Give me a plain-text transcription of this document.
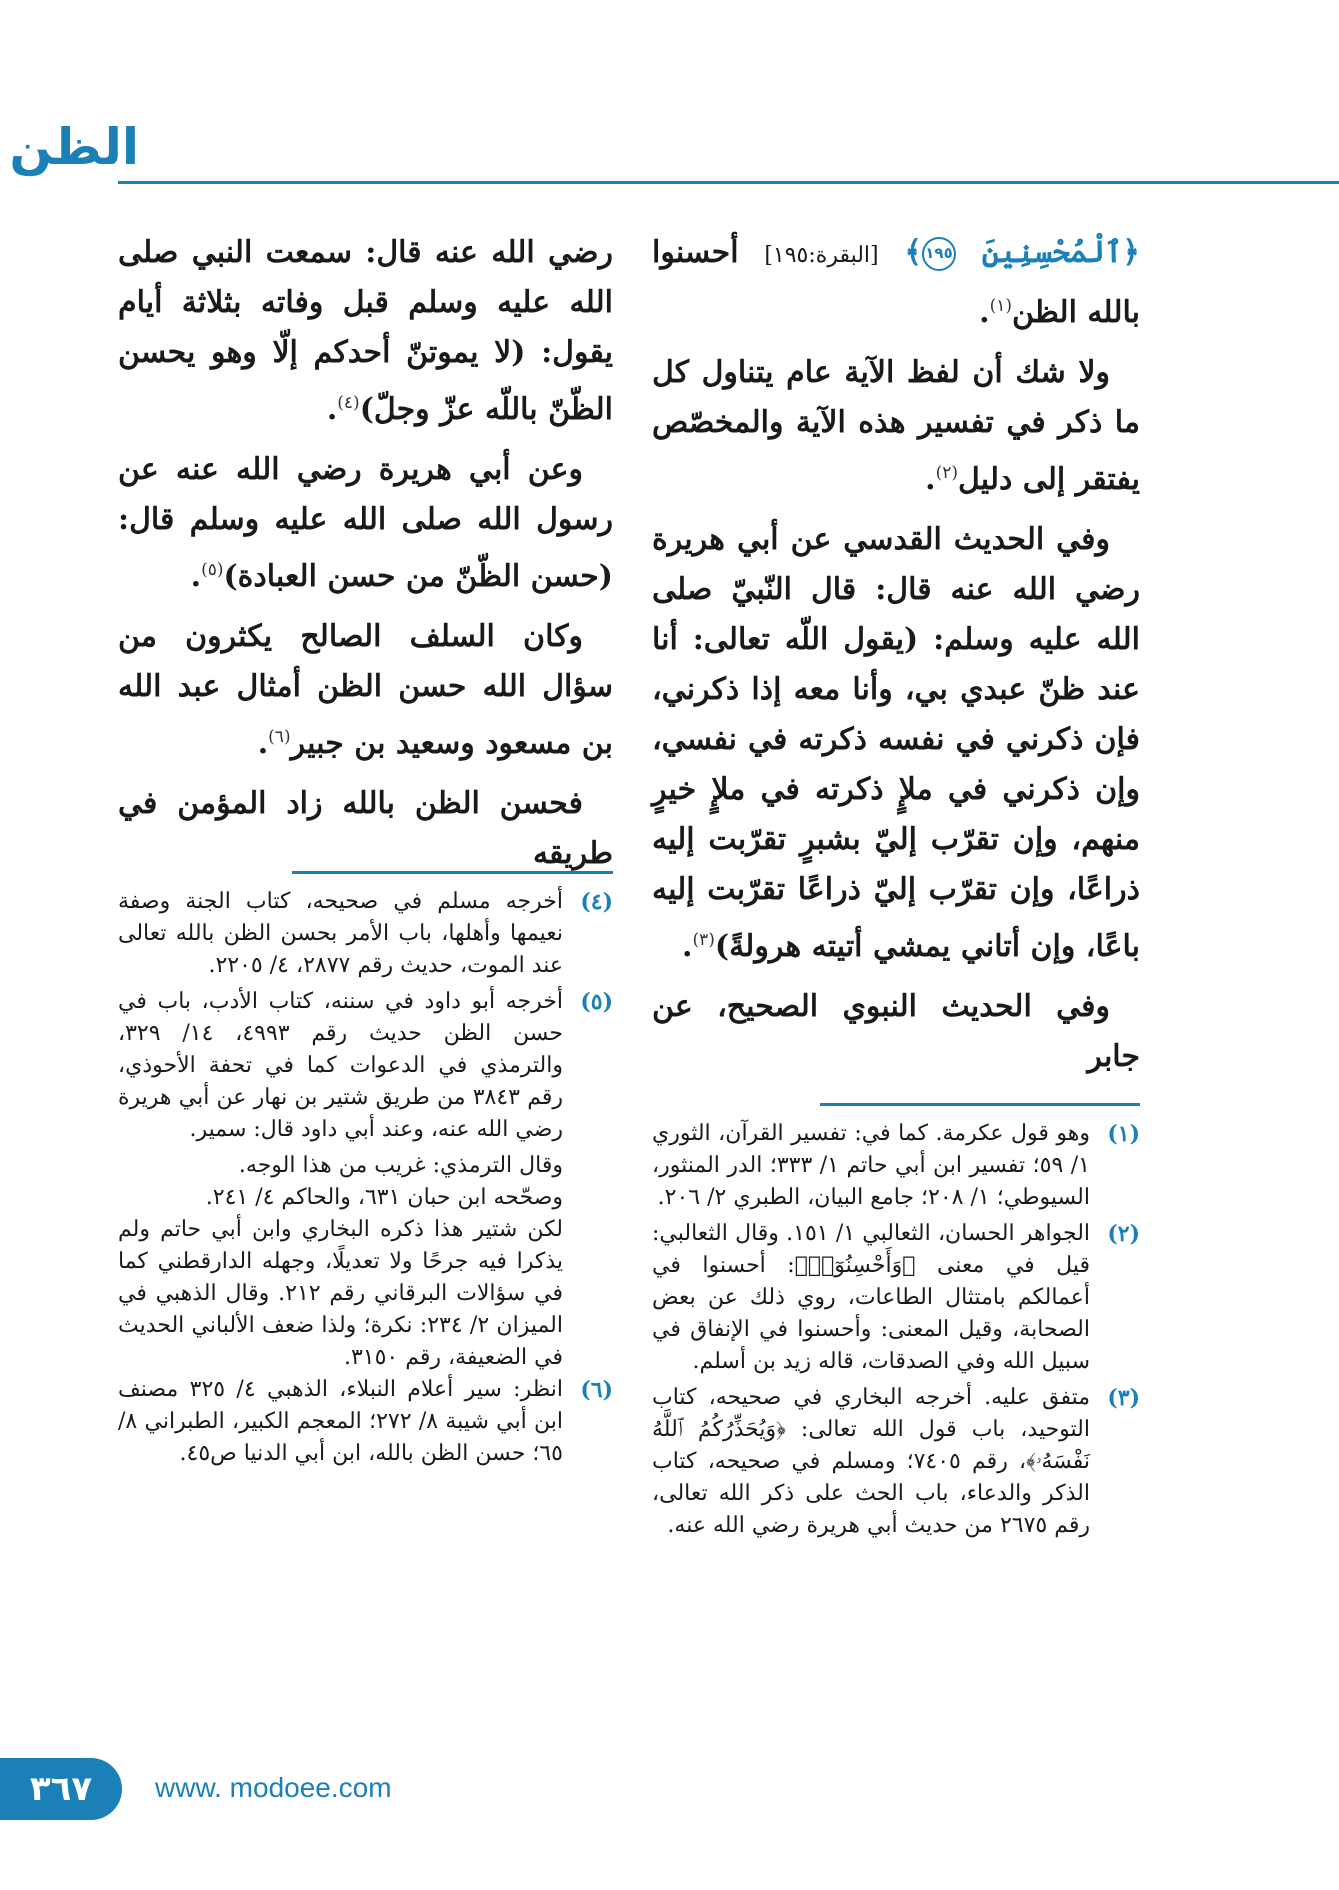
الظن

﴿ٱلْمُحْسِنِينَ ١٩٥﴾ [البقرة:١٩٥] أحسنوا بالله الظن$^{(١)}$.

ولا شك أن لفظ الآية عام يتناول كل ما ذكر في تفسير هذه الآية والمخصّص يفتقر إلى دليل$^{(٢)}$.

وفي الحديث القدسي عن أبي هريرة رضي الله عنه قال: قال النّبيّ صلى الله عليه وسلم: (يقول اللّه تعالى: أنا عند ظنّ عبدي بي، وأنا معه إذا ذكرني، فإن ذكرني في نفسه ذكرته في نفسي، وإن ذكرني في ملإٍ ذكرته في ملإٍ خيرٍ منهم، وإن تقرّب إليّ بشبرٍ تقرّبت إليه ذراعًا، وإن تقرّب إليّ ذراعًا تقرّبت إليه باعًا، وإن أتاني يمشي أتيته هرولةً)$^{(٣)}$.

وفي الحديث النبوي الصحيح، عن جابر

رضي الله عنه قال: سمعت النبي صلى الله عليه وسلم قبل وفاته بثلاثة أيام يقول: (لا يموتنّ أحدكم إلّا وهو يحسن الظّنّ باللّه عزّ وجلّ)$^{(٤)}$.

وعن أبي هريرة رضي الله عنه عن رسول الله صلى الله عليه وسلم قال: (حسن الظّنّ من حسن العبادة)$^{(٥)}$.

وكان السلف الصالح يكثرون من سؤال الله حسن الظن أمثال عبد الله بن مسعود وسعيد بن جبير$^{(٦)}$.

فحسن الظن بالله زاد المؤمن في طريقه

(١)

وهو قول عكرمة. كما في: تفسير القرآن، الثوري ١/ ٥٩؛ تفسير ابن أبي حاتم ١/ ٣٣٣؛ الدر المنثور، السيوطي؛ ١/ ٢٠٨؛ جامع البيان، الطبري ٢/ ٢٠٦.

(٢)

الجواهر الحسان، الثعالبي ١/ ١٥١. وقال الثعالبي: قيل في معنى ﴿وَأَحْسِنُوٓا۟﴾: أحسنوا في أعمالكم بامتثال الطاعات، روي ذلك عن بعض الصحابة، وقيل المعنى: وأحسنوا في الإنفاق في سبيل الله وفي الصدقات، قاله زيد بن أسلم.

(٣)

متفق عليه. أخرجه البخاري في صحيحه، كتاب التوحيد، باب قول الله تعالى: ﴿وَيُحَذِّرُكُمُ ٱللَّهُ نَفْسَهُۥ﴾، رقم ٧٤٠٥؛ ومسلم في صحيحه، كتاب الذكر والدعاء، باب الحث على ذكر الله تعالى، رقم ٢٦٧٥ من حديث أبي هريرة رضي الله عنه.

(٤)

أخرجه مسلم في صحيحه، كتاب الجنة وصفة نعيمها وأهلها، باب الأمر بحسن الظن بالله تعالى عند الموت، حديث رقم ٢٨٧٧، ٤/ ٢٢٠٥.

(٥)

أخرجه أبو داود في سننه، كتاب الأدب، باب في حسن الظن حديث رقم ٤٩٩٣، ١٤/ ٣٢٩، والترمذي في الدعوات كما في تحفة الأحوذي، رقم ٣٨٤٣ من طريق شتير بن نهار عن أبي هريرة رضي الله عنه، وعند أبي داود قال: سمير.

وقال الترمذي: غريب من هذا الوجه.

وصحّحه ابن حبان ٦٣١، والحاكم ٤/ ٢٤١.

لكن شتير هذا ذكره البخاري وابن أبي حاتم ولم يذكرا فيه جرحًا ولا تعديلًا، وجهله الدارقطني كما في سؤالات البرقاني رقم ٢١٢. وقال الذهبي في الميزان ٢/ ٢٣٤: نكرة؛ ولذا ضعف الألباني الحديث في الضعيفة، رقم ٣١٥٠.

(٦)

انظر: سير أعلام النبلاء، الذهبي ٤/ ٣٢٥ مصنف ابن أبي شيبة ٨/ ٢٧٢؛ المعجم الكبير، الطبراني ٨/ ٦٥؛ حسن الظن بالله، ابن أبي الدنيا ص٤٥.

٣٦٧	www. modoee.com
